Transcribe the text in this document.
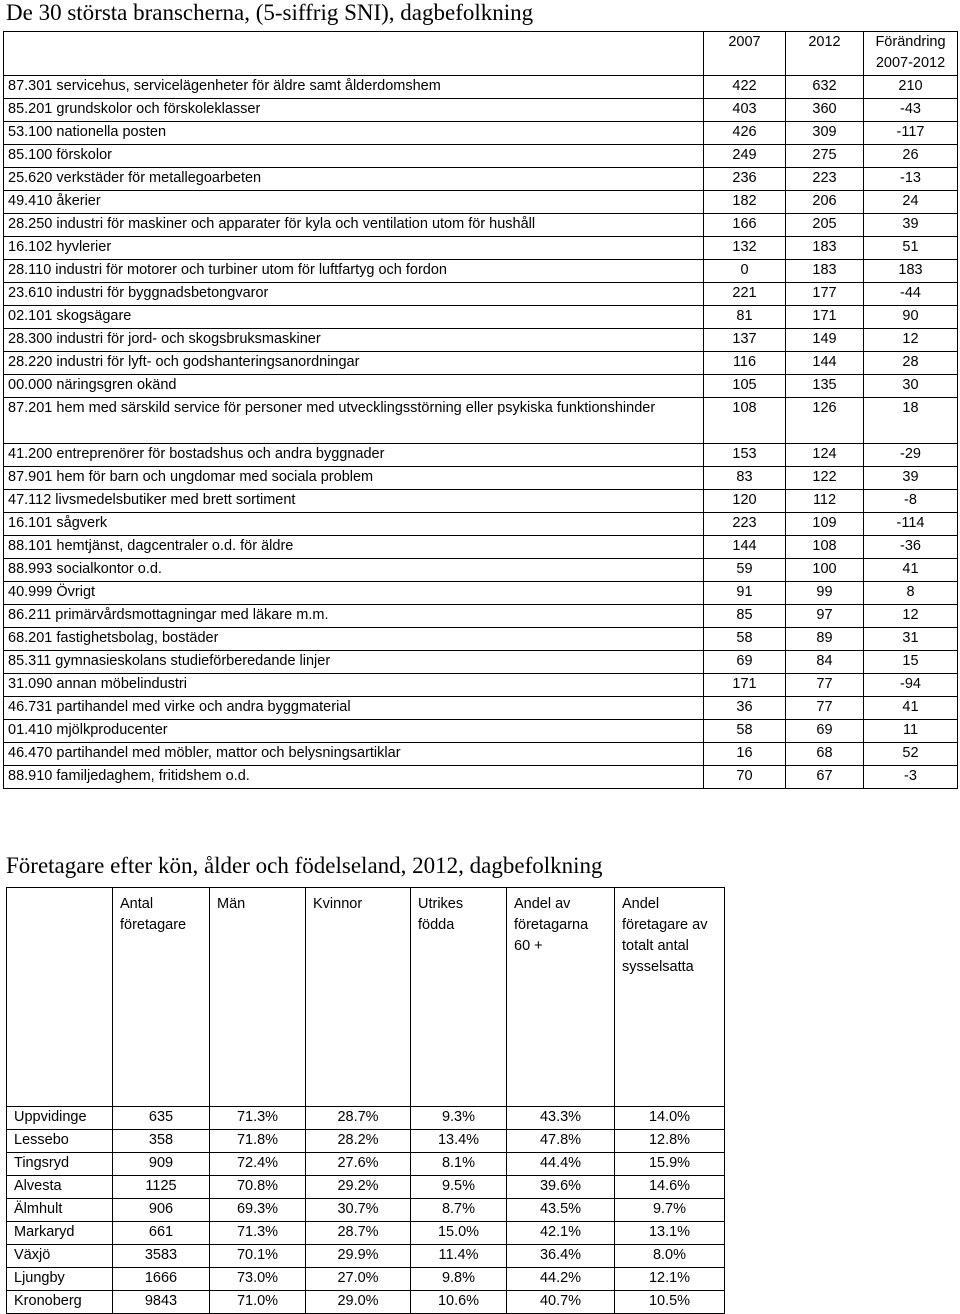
De 30 största branscherna, (5-siffrig SNI), dagbefolkning
	2007	2012	Förändring 2007-2012
87.301 servicehus, servicelägenheter för äldre samt ålderdomshem	422	632	210
85.201 grundskolor och förskoleklasser	403	360	-43
53.100 nationella posten	426	309	-117
85.100 förskolor	249	275	26
25.620 verkstäder för metallegoarbeten	236	223	-13
49.410 åkerier	182	206	24
28.250 industri för maskiner och apparater för kyla och ventilation utom för hushåll	166	205	39
16.102 hyvlerier	132	183	51
28.110 industri för motorer och turbiner utom för luftfartyg och fordon	0	183	183
23.610 industri för byggnadsbetongvaror	221	177	-44
02.101 skogsägare	81	171	90
28.300 industri för jord- och skogsbruksmaskiner	137	149	12
28.220 industri för lyft- och godshanteringsanordningar	116	144	28
00.000 näringsgren okänd	105	135	30
87.201 hem med särskild service för personer med utvecklingsstörning eller psykiska funktionshinder	108	126	18
41.200 entreprenörer för bostadshus och andra byggnader	153	124	-29
87.901 hem för barn och ungdomar med sociala problem	83	122	39
47.112 livsmedelsbutiker med brett sortiment	120	112	-8
16.101 sågverk	223	109	-114
88.101 hemtjänst, dagcentraler o.d. för äldre	144	108	-36
88.993 socialkontor o.d.	59	100	41
40.999 Övrigt	91	99	8
86.211 primärvårdsmottagningar med läkare m.m.	85	97	12
68.201 fastighetsbolag, bostäder	58	89	31
85.311 gymnasieskolans studieförberedande linjer	69	84	15
31.090 annan möbelindustri	171	77	-94
46.731 partihandel med virke och andra byggmaterial	36	77	41
01.410 mjölkproducenter	58	69	11
46.470 partihandel med möbler, mattor och belysningsartiklar	16	68	52
88.910 familjedaghem, fritidshem o.d.	70	67	-3
Företagare efter kön, ålder och födelseland, 2012, dagbefolkning
	Antal företagare	Män	Kvinnor	Utrikes födda	Andel av företagarna 60 +	Andel företagare av totalt antal sysselsatta
Uppvidinge	635	71.3%	28.7%	9.3%	43.3%	14.0%
Lessebo	358	71.8%	28.2%	13.4%	47.8%	12.8%
Tingsryd	909	72.4%	27.6%	8.1%	44.4%	15.9%
Alvesta	1125	70.8%	29.2%	9.5%	39.6%	14.6%
Älmhult	906	69.3%	30.7%	8.7%	43.5%	9.7%
Markaryd	661	71.3%	28.7%	15.0%	42.1%	13.1%
Växjö	3583	70.1%	29.9%	11.4%	36.4%	8.0%
Ljungby	1666	73.0%	27.0%	9.8%	44.2%	12.1%
Kronoberg	9843	71.0%	29.0%	10.6%	40.7%	10.5%
